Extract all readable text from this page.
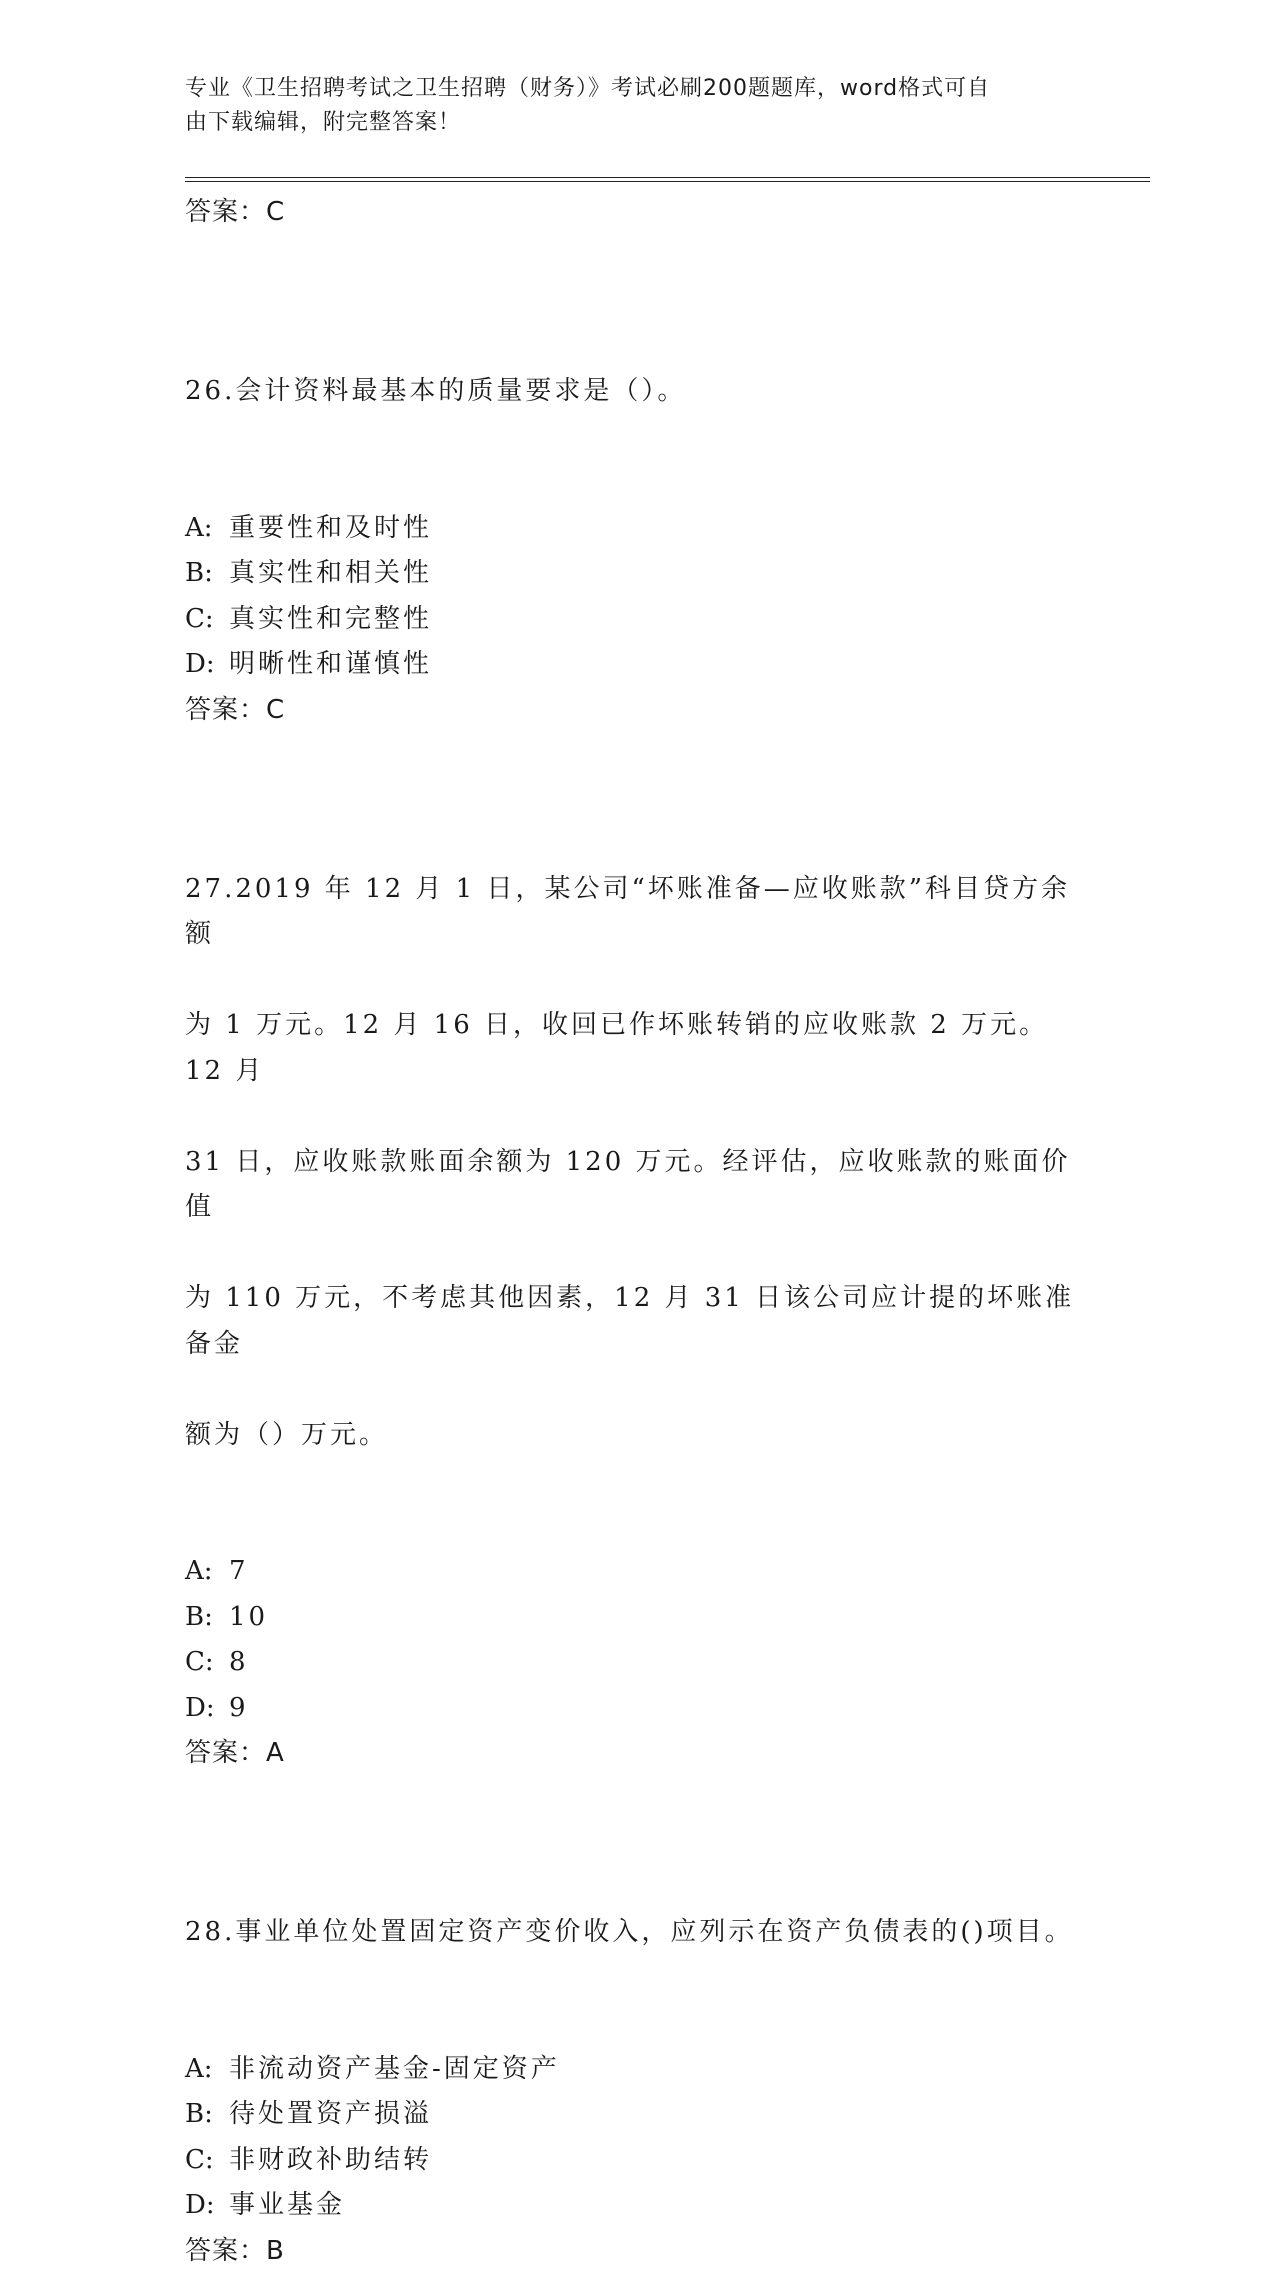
专业《卫生招聘考试之卫生招聘（财务）》考试必刷200题题库，word格式可自
由下载编辑，附完整答案！
答案：C

26.会计资料最基本的质量要求是（）。

A: 重要性和及时性
B: 真实性和相关性
C: 真实性和完整性
D: 明晰性和谨慎性
答案：C

27.2019 年 12 月 1 日，某公司“坏账准备—应收账款”科目贷方余额

为 1 万元。12 月 16 日，收回已作坏账转销的应收账款 2 万元。12 月

31 日，应收账款账面余额为 120 万元。经评估，应收账款的账面价值

为 110 万元，不考虑其他因素，12 月 31 日该公司应计提的坏账准备金

额为（）万元。

A: 7
B: 10
C: 8
D: 9
答案：A

28.事业单位处置固定资产变价收入，应列示在资产负债表的()项目。

A: 非流动资产基金-固定资产
B: 待处置资产损溢
C: 非财政补助结转
D: 事业基金
答案：B
